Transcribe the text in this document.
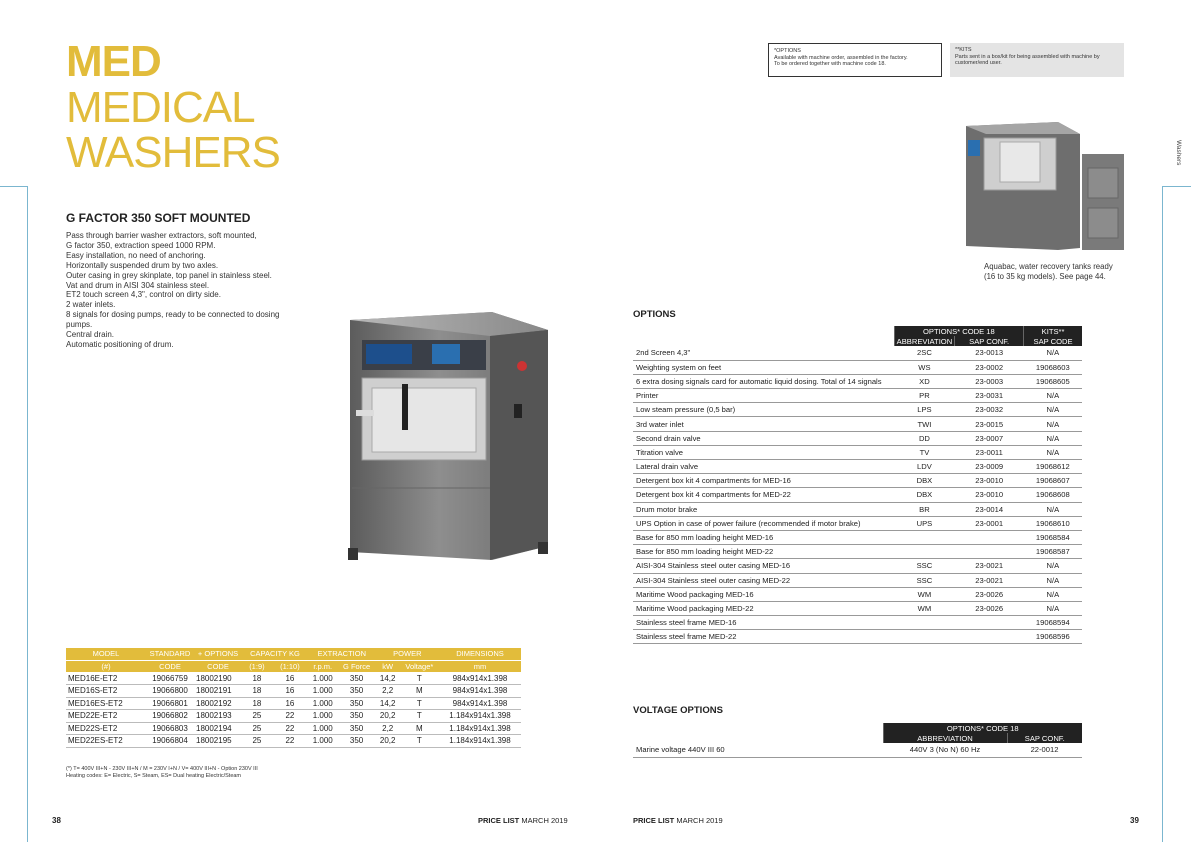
Washers
MED
MEDICAL
WASHERS
G FACTOR 350 SOFT MOUNTED
Pass through barrier washer extractors, soft mounted,
G factor 350, extraction speed 1000 RPM.
Easy installation, no need of anchoring.
Horizontally suspended drum by two axles.
Outer casing in grey skinplate, top panel in stainless steel.
Vat and drum in AISI 304 stainless steel.
ET2 touch screen 4,3", control on dirty side.
2 water inlets.
8 signals for dosing pumps, ready to be connected to dosing
pumps.
Central drain.
Automatic positioning of drum.
Aquabac, water recovery tanks ready
(16 to 35 kg models). See page 44.
*OPTIONS
Available with machine order, assembled in the factory.
To be ordered together with machine code 18.
**KITS
Parts sent in a box/kit for being assembled with machine by
customer/end user.
MODEL	STANDARD	+ OPTIONS	CAPACITY KG		EXTRACTION		POWER		DIMENSIONS
(#)	CODE	CODE	(1:9)	(1:10)	r.p.m.	G Force	kW	Voltage*	mm
MED16E-ET2	19066759	18002190	18	16	1.000	350	14,2	T	984x914x1.398
MED16S-ET2	19066800	18002191	18	16	1.000	350	2,2	M	984x914x1.398
MED16ES-ET2	19066801	18002192	18	16	1.000	350	14,2	T	984x914x1.398
MED22E-ET2	19066802	18002193	25	22	1.000	350	20,2	T	1.184x914x1.398
MED22S-ET2	19066803	18002194	25	22	1.000	350	2,2	M	1.184x914x1.398
MED22ES-ET2	19066804	18002195	25	22	1.000	350	20,2	T	1.184x914x1.398
(*) T= 400V III+N - 230V III+N / M = 230V I+N / V= 400V III+N - Option 230V III
Heating codes: E= Electric, S= Steam, ES= Dual heating Electric/Steam
OPTIONS
	OPTIONS* CODE 18		KITS**
	ABBREVIATION	SAP CONF.	SAP CODE
2nd Screen 4,3"	2SC	23-0013	N/A
Weighting system on feet	WS	23-0002	19068603
6 extra dosing signals card for automatic liquid dosing. Total of 14 signals	XD	23-0003	19068605
Printer	PR	23-0031	N/A
Low steam pressure (0,5 bar)	LPS	23-0032	N/A
3rd water inlet	TWI	23-0015	N/A
Second drain valve	DD	23-0007	N/A
Titration valve	TV	23-0011	N/A
Lateral drain valve	LDV	23-0009	19068612
Detergent box kit 4 compartments for MED-16	DBX	23-0010	19068607
Detergent box kit 4 compartments for MED-22	DBX	23-0010	19068608
Drum motor brake	BR	23-0014	N/A
UPS Option in case of power failure (recommended if motor brake)	UPS	23-0001	19068610
Base for 850 mm loading height MED-16			19068584
Base for 850 mm loading height MED-22			19068587
AISI-304 Stainless steel outer casing MED-16	SSC	23-0021	N/A
AISI-304 Stainless steel outer casing MED-22	SSC	23-0021	N/A
Maritime Wood packaging MED-16	WM	23-0026	N/A
Maritime Wood packaging MED-22	WM	23-0026	N/A
Stainless steel frame MED-16			19068594
Stainless steel frame MED-22			19068596
VOLTAGE OPTIONS
	OPTIONS* CODE 18	
	ABBREVIATION	SAP CONF.
Marine voltage 440V III 60	440V 3 (No N) 60 Hz	22-0012
38	PRICE LIST MARCH 2019	PRICE LIST MARCH 2019	39
